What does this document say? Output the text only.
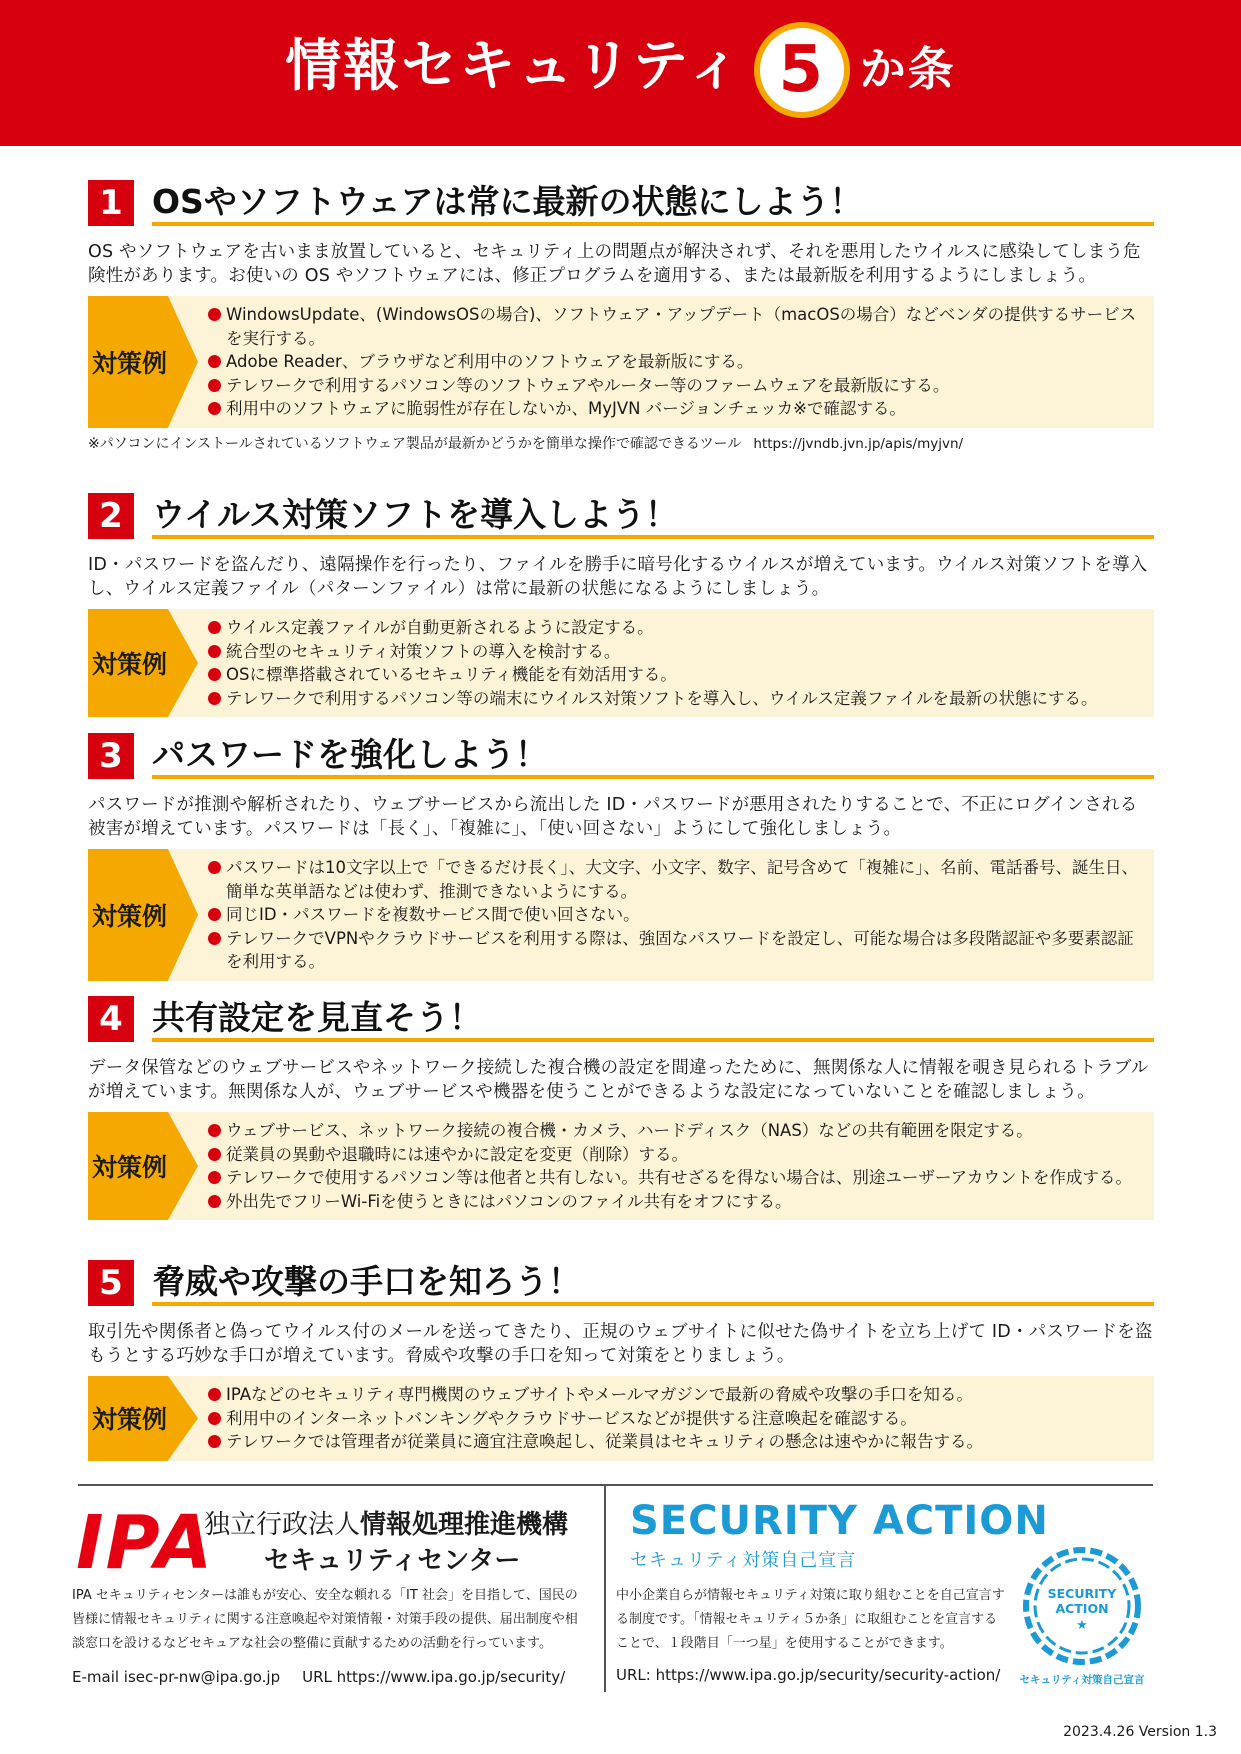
情報セキュリティ 5 か条
1 OSやソフトウェアは常に最新の状態にしよう！
OS やソフトウェアを古いまま放置していると、セキュリティ上の問題点が解決されず、それを悪用したウイルスに感染してしまう危険性があります。お使いの OS やソフトウェアには、修正プログラムを適用する、または最新版を利用するようにしましょう。
対策例
WindowsUpdate、(WindowsOSの場合)、ソフトウェア・アップデート（macOSの場合）などベンダの提供するサービスを実行する。
Adobe Reader、ブラウザなど利用中のソフトウェアを最新版にする。
テレワークで利用するパソコン等のソフトウェアやルーター等のファームウェアを最新版にする。
利用中のソフトウェアに脆弱性が存在しないか、MyJVN バージョンチェッカ※で確認する。
※パソコンにインストールされているソフトウェア製品が最新かどうかを簡単な操作で確認できるツール https://jvndb.jvn.jp/apis/myjvn/
2 ウイルス対策ソフトを導入しよう！
ID・パスワードを盗んだり、遠隔操作を行ったり、ファイルを勝手に暗号化するウイルスが増えています。ウイルス対策ソフトを導入し、ウイルス定義ファイル（パターンファイル）は常に最新の状態になるようにしましょう。
対策例
ウイルス定義ファイルが自動更新されるように設定する。
統合型のセキュリティ対策ソフトの導入を検討する。
OSに標準搭載されているセキュリティ機能を有効活用する。
テレワークで利用するパソコン等の端末にウイルス対策ソフトを導入し、ウイルス定義ファイルを最新の状態にする。
3 パスワードを強化しよう！
パスワードが推測や解析されたり、ウェブサービスから流出した ID・パスワードが悪用されたりすることで、不正にログインされる被害が増えています。パスワードは「長く」、「複雑に」、「使い回さない」ようにして強化しましょう。
対策例
パスワードは10文字以上で「できるだけ長く」、大文字、小文字、数字、記号含めて「複雑に」、名前、電話番号、誕生日、簡単な英単語などは使わず、推測できないようにする。
同じID・パスワードを複数サービス間で使い回さない。
テレワークでVPNやクラウドサービスを利用する際は、強固なパスワードを設定し、可能な場合は多段階認証や多要素認証を利用する。
4 共有設定を見直そう！
データ保管などのウェブサービスやネットワーク接続した複合機の設定を間違ったために、無関係な人に情報を覗き見られるトラブルが増えています。無関係な人が、ウェブサービスや機器を使うことができるような設定になっていないことを確認しましょう。
対策例
ウェブサービス、ネットワーク接続の複合機・カメラ、ハードディスク（NAS）などの共有範囲を限定する。
従業員の異動や退職時には速やかに設定を変更（削除）する。
テレワークで使用するパソコン等は他者と共有しない。共有せざるを得ない場合は、別途ユーザーアカウントを作成する。
外出先でフリーWi-Fiを使うときにはパソコンのファイル共有をオフにする。
5 脅威や攻撃の手口を知ろう！
取引先や関係者と偽ってウイルス付のメールを送ってきたり、正規のウェブサイトに似せた偽サイトを立ち上げて ID・パスワードを盗もうとする巧妙な手口が増えています。脅威や攻撃の手口を知って対策をとりましょう。
対策例
IPAなどのセキュリティ専門機関のウェブサイトやメールマガジンで最新の脅威や攻撃の手口を知る。
利用中のインターネットバンキングやクラウドサービスなどが提供する注意喚起を確認する。
テレワークでは管理者が従業員に適宜注意喚起し、従業員はセキュリティの懸念は速やかに報告する。
IPA
独立行政法人情報処理推進機構
セキュリティセンター
IPA セキュリティセンターは誰もが安心、安全な頼れる「IT 社会」を目指して、国民の皆様に情報セキュリティに関する注意喚起や対策情報・対策手段の提供、届出制度や相談窓口を設けるなどセキュアな社会の整備に貢献するための活動を行っています。
E-mail isec-pr-nw@ipa.go.jp URL https://www.ipa.go.jp/security/
SECURITY ACTION
セキュリティ対策自己宣言
中小企業自らが情報セキュリティ対策に取り組むことを自己宣言する制度です。「情報セキュリティ５か条」に取組むことを宣言することで、１段階目「一つ星」を使用することができます。
URL: https://www.ipa.go.jp/security/security-action/
SECURITY
ACTION
★
セキュリティ対策自己宣言
2023.4.26 Version 1.3
